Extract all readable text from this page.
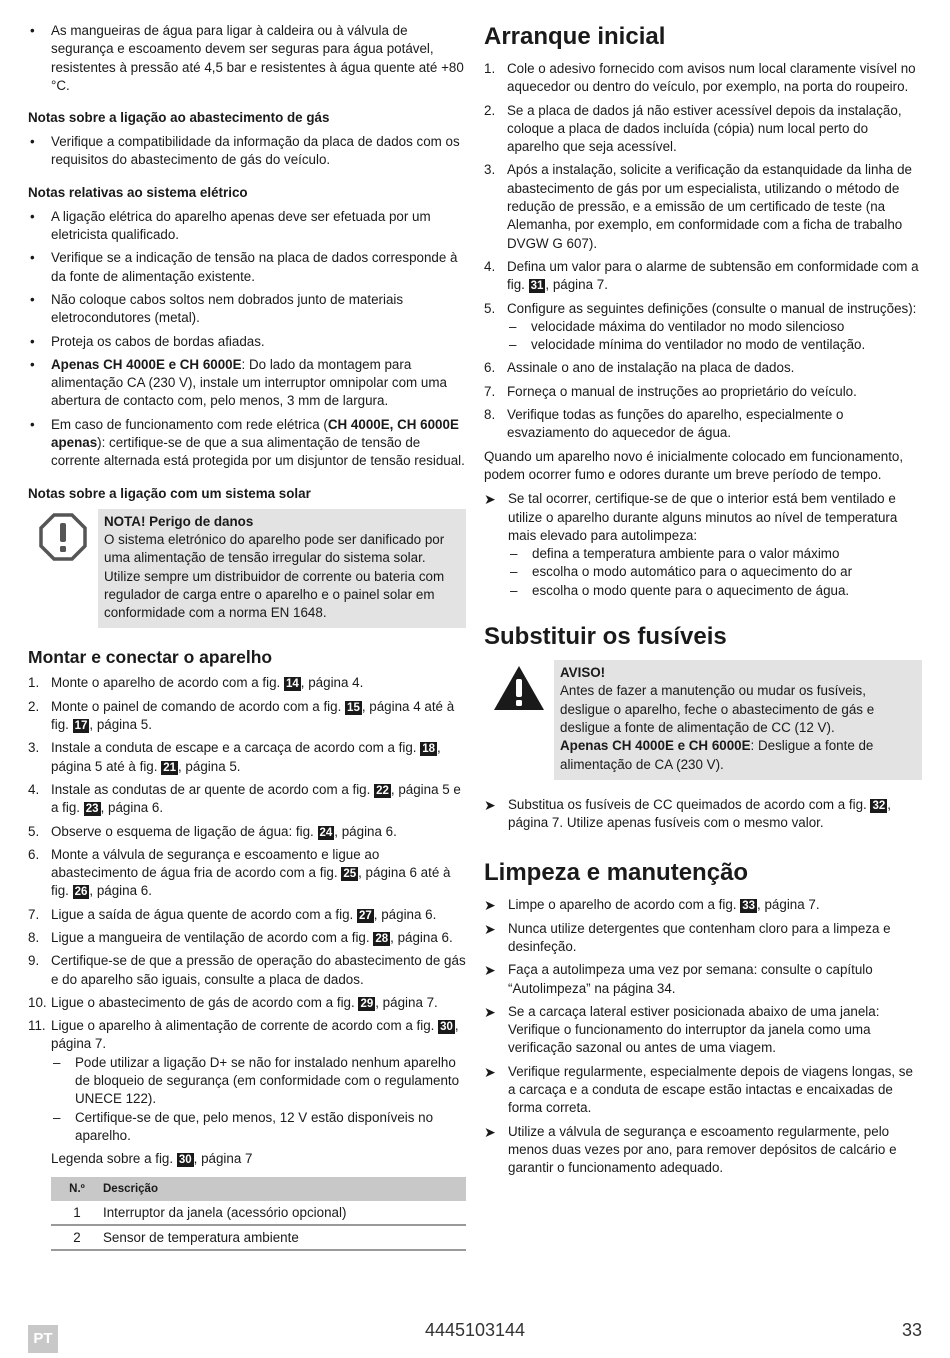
• As mangueiras de água para ligar à caldeira ou à válvula de segurança e escoamento devem ser seguras para água potável, resistentes à pressão até 4,5 bar e resistentes à água quente até +80 °C.
Notas sobre a ligação ao abastecimento de gás
• Verifique a compatibilidade da informação da placa de dados com os requisitos do abastecimento de gás do veículo.
Notas relativas ao sistema elétrico
• A ligação elétrica do aparelho apenas deve ser efetuada por um eletricista qualificado.
• Verifique se a indicação de tensão na placa de dados corresponde à da fonte de alimentação existente.
• Não coloque cabos soltos nem dobrados junto de materiais eletrocondutores (metal).
• Proteja os cabos de bordas afiadas.
• Apenas CH 4000E e CH 6000E: Do lado da montagem para alimentação CA (230 V), instale um interruptor omnipolar com uma abertura de contacto com, pelo menos, 3 mm de largura.
• Em caso de funcionamento com rede elétrica (CH 4000E, CH 6000E apenas): certifique-se de que a sua alimentação de tensão de corrente alternada está protegida por um disjuntor de tensão residual.
Notas sobre a ligação com um sistema solar
NOTA! Perigo de danos
O sistema eletrónico do aparelho pode ser danificado por uma alimentação de tensão irregular do sistema solar. Utilize sempre um distribuidor de corrente ou bateria com regulador de carga entre o aparelho e o painel solar em conformidade com a norma EN 1648.
Montar e conectar o aparelho
1. Monte o aparelho de acordo com a fig. 14 , página 4.
2. Monte o painel de comando de acordo com a fig. 15 , página 4 até à fig. 17 , página 5.
3. Instale a conduta de escape e a carcaça de acordo com a fig. 18 , página 5 até à fig. 21 , página 5.
4. Instale as condutas de ar quente de acordo com a fig. 22 , página 5 e a fig. 23 , página 6.
5. Observe o esquema de ligação de água: fig. 24 , página 6.
6. Monte a válvula de segurança e escoamento e ligue ao abastecimento de água fria de acordo com a fig. 25 , página 6 até à fig. 26 , página 6.
7. Ligue a saída de água quente de acordo com a fig. 27 , página 6.
8. Ligue a mangueira de ventilação de acordo com a fig. 28 , página 6.
9. Certifique-se de que a pressão de operação do abastecimento de gás e do aparelho são iguais, consulte a placa de dados.
10. Ligue o abastecimento de gás de acordo com a fig. 29 , página 7.
11. Ligue o aparelho à alimentação de corrente de acordo com a fig. 30 , página 7.
– Pode utilizar a ligação D+ se não for instalado nenhum aparelho de bloqueio de segurança (em conformidade com o regulamento UNECE 122).
– Certifique-se de que, pelo menos, 12 V estão disponíveis no aparelho.

Legenda sobre a fig. 30 , página 7

N.º	Descrição
1	Interruptor da janela (acessório opcional)
2	Sensor de temperatura ambiente
Arranque inicial
1. Cole o adesivo fornecido com avisos num local claramente visível no aquecedor ou dentro do veículo, por exemplo, na porta do roupeiro.
2. Se a placa de dados já não estiver acessível depois da instalação, coloque a placa de dados incluída (cópia) num local perto do aparelho que seja acessível.
3. Após a instalação, solicite a verificação da estanquidade da linha de abastecimento de gás por um especialista, utilizando o método de redução de pressão, e a emissão de um certificado de teste (na Alemanha, por exemplo, em conformidade com a ficha de trabalho DVGW G 607).
4. Defina um valor para o alarme de subtensão em conformidade com a fig. 31 , página 7.
5. Configure as seguintes definições (consulte o manual de instruções):
– velocidade máxima do ventilador no modo silencioso
– velocidade mínima do ventilador no modo de ventilação.
6. Assinale o ano de instalação na placa de dados.
7. Forneça o manual de instruções ao proprietário do veículo.
8. Verifique todas as funções do aparelho, especialmente o esvaziamento do aquecedor de água.

Quando um aparelho novo é inicialmente colocado em funcionamento, podem ocorrer fumo e odores durante um breve período de tempo.

➤ Se tal ocorrer, certifique-se de que o interior está bem ventilado e utilize o aparelho durante alguns minutos ao nível de temperatura mais elevado para autolimpeza:
– defina a temperatura ambiente para o valor máximo
– escolha o modo automático para o aquecimento do ar
– escolha o modo quente para o aquecimento de água.
Substituir os fusíveis
AVISO!
Antes de fazer a manutenção ou mudar os fusíveis, desligue o aparelho, feche o abastecimento de gás e desligue a fonte de alimentação de CC (12 V).
Apenas CH 4000E e CH 6000E: Desligue a fonte de alimentação de CA (230 V).
➤ Substitua os fusíveis de CC queimados de acordo com a fig. 32 , página 7. Utilize apenas fusíveis com o mesmo valor.
Limpeza e manutenção
➤ Limpe o aparelho de acordo com a fig. 33 , página 7.
➤ Nunca utilize detergentes que contenham cloro para a limpeza e desinfeção.
➤ Faça a autolimpeza uma vez por semana: consulte o capítulo “Autolimpeza” na página 34.
➤ Se a carcaça lateral estiver posicionada abaixo de uma janela: Verifique o funcionamento do interruptor da janela como uma verificação sazonal ou antes de uma viagem.
➤ Verifique regularmente, especialmente depois de viagens longas, se a carcaça e a conduta de escape estão intactas e encaixadas de forma correta.
➤ Utilize a válvula de segurança e escoamento regularmente, pelo menos duas vezes por ano, para remover depósitos de calcário e garantir o funcionamento adequado.
PT	4445103144	33
